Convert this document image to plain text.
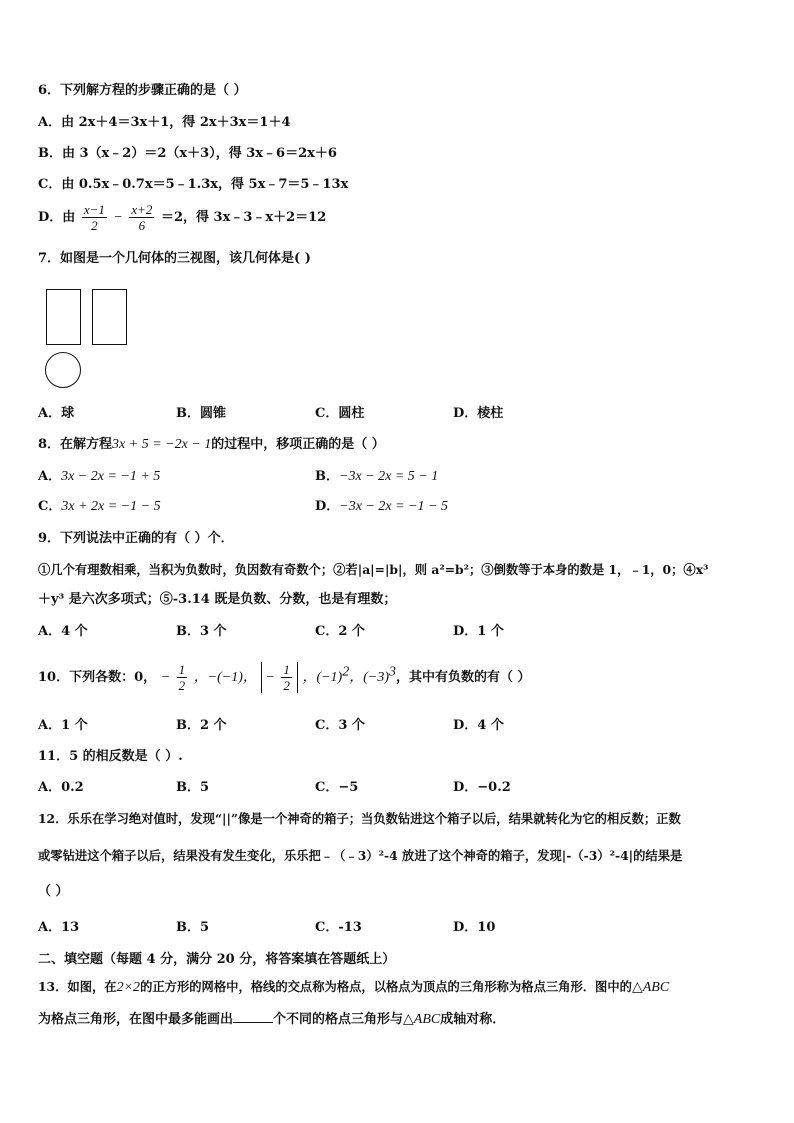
6．下列解方程的步骤正确的是（ ）
A．由 2x＋4＝3x＋1，得 2x＋3x＝1＋4
B．由 3（x﹣2）＝2（x＋3），得 3x﹣6＝2x＋6
C．由 0.5x﹣0.7x＝5﹣1.3x，得 5x﹣7＝5﹣13x
D．由 $\frac{x-1}{2} - \frac{x+2}{6} =2$，得 3x﹣3﹣x＋2＝12
7．如图是一个几何体的三视图，该几何体是( )
A．球	B．圆锥	C．圆柱	D．棱柱
8．在解方程3x + 5 = −2x − 1的过程中，移项正确的是（ ）
A．3x − 2x = −1 + 5	B．−3x − 2x = 5 − 1
C．3x + 2x = −1 − 5	D．−3x − 2x = −1 − 5
9．下列说法中正确的有（ ）个．
①几个有理数相乘，当积为负数时，负因数有奇数个；②若|a|=|b|，则 a²=b²；③倒数等于本身的数是 1，﹣1，0；④x³
＋y³ 是六次多项式；⑤-3.14 既是负数、分数，也是有理数；
A．4 个	B．3 个	C．2 个	D．1 个
10．下列各数：0， − $\frac{1}{2}$ ，−(−1)， − $\frac{1}{2}$ ，$(-1)^2$，$(-3)^3$，其中有负数的有（ ）
A．1 个	B．2 个	C．3 个	D．4 个
11．5 的相反数是（ ）.
A．0.2	B．5	C．−5	D．−0.2
12．乐乐在学习绝对值时，发现“||”像是一个神奇的箱子；当负数钻进这个箱子以后，结果就转化为它的相反数；正数
或零钻进这个箱子以后，结果没有发生变化，乐乐把﹣（﹣3）²-4 放进了这个神奇的箱子，发现|-（-3）²-4|的结果是
（ ）
A．13	B．5	C．-13	D．10
二、填空题（每题 4 分，满分 20 分，将答案填在答题纸上）
13．如图，在2×2的正方形的网格中，格线的交点称为格点，以格点为顶点的三角形称为格点三角形．图中的△ABC
为格点三角形，在图中最多能画出	个不同的格点三角形与△ABC成轴对称．
